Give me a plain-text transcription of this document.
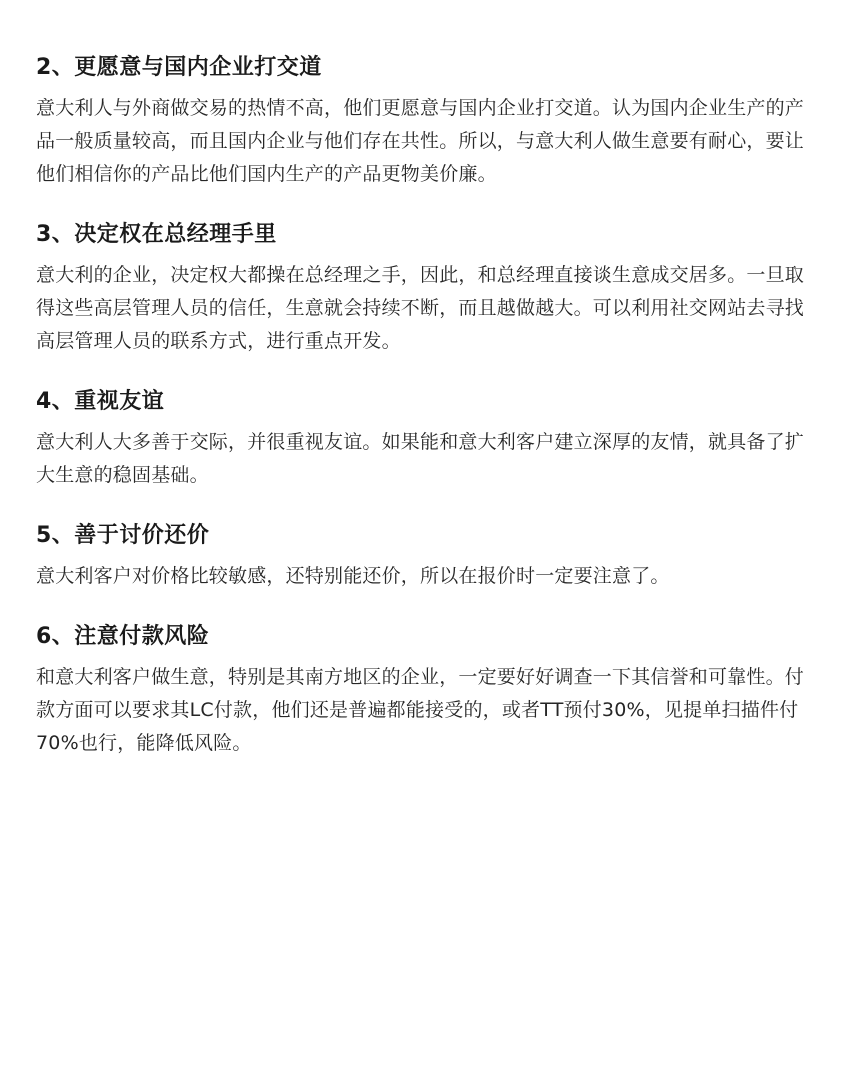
2、更愿意与国内企业打交道

意大利人与外商做交易的热情不高，他们更愿意与国内企业打交道。认为国内企业生产的产品一般质量较高，而且国内企业与他们存在共性。所以，与意大利人做生意要有耐心，要让他们相信你的产品比他们国内生产的产品更物美价廉。

3、决定权在总经理手里

意大利的企业，决定权大都操在总经理之手，因此，和总经理直接谈生意成交居多。一旦取得这些高层管理人员的信任，生意就会持续不断，而且越做越大。可以利用社交网站去寻找高层管理人员的联系方式，进行重点开发。

4、重视友谊

意大利人大多善于交际，并很重视友谊。如果能和意大利客户建立深厚的友情，就具备了扩大生意的稳固基础。

5、善于讨价还价

意大利客户对价格比较敏感，还特别能还价，所以在报价时一定要注意了。

6、注意付款风险

和意大利客户做生意，特别是其南方地区的企业，一定要好好调查一下其信誉和可靠性。付款方面可以要求其LC付款，他们还是普遍都能接受的，或者TT预付30%，见提单扫描件付70%也行，能降低风险。
